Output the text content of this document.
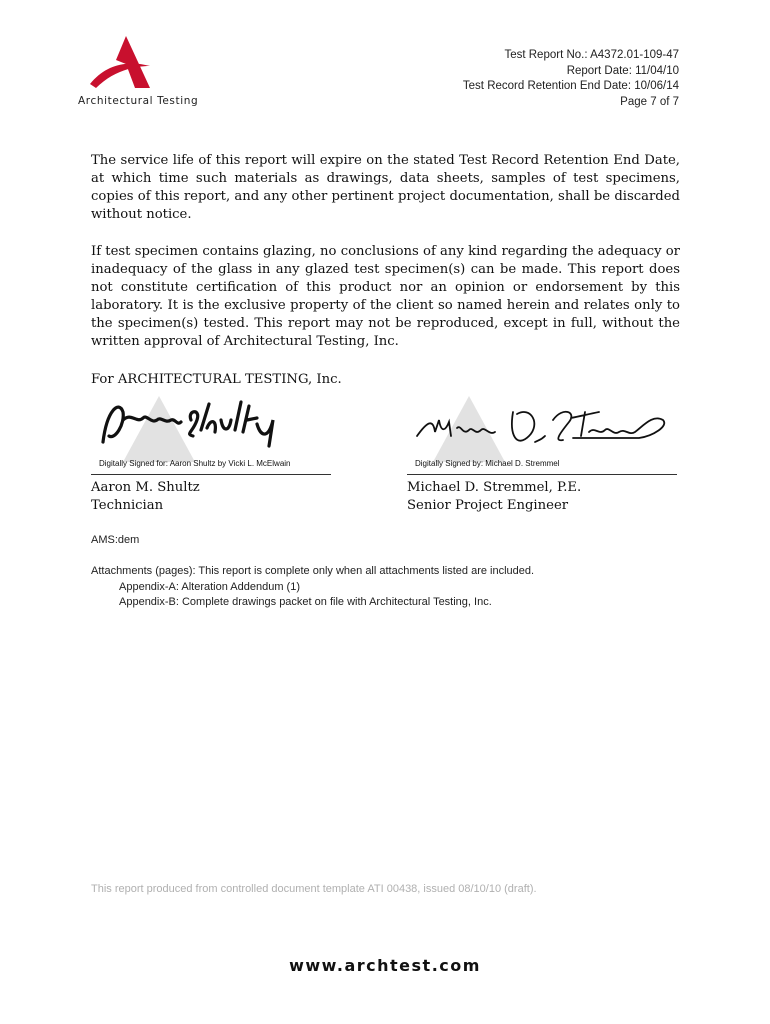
Architectural Testing
Test Report No.: A4372.01-109-47
Report Date: 11/04/10
Test Record Retention End Date: 10/06/14
Page 7 of 7
The service life of this report will expire on the stated Test Record Retention End Date, at which time such materials as drawings, data sheets, samples of test specimens, copies of this report, and any other pertinent project documentation, shall be discarded without notice.
If test specimen contains glazing, no conclusions of any kind regarding the adequacy or inadequacy of the glass in any glazed test specimen(s) can be made. This report does not constitute certification of this product nor an opinion or endorsement by this laboratory. It is the exclusive property of the client so named herein and relates only to the specimen(s) tested. This report may not be reproduced, except in full, without the written approval of Architectural Testing, Inc.
For ARCHITECTURAL TESTING, Inc.
Digitally Signed for: Aaron Shultz by Vicki L. McElwain
Aaron M. Shultz
Technician
Digitally Signed by: Michael D. Stremmel
Michael D. Stremmel, P.E.
Senior Project Engineer
AMS:dem
Attachments (pages): This report is complete only when all attachments listed are included.
Appendix-A: Alteration Addendum (1)
Appendix-B: Complete drawings packet on file with Architectural Testing, Inc.
This report produced from controlled document template ATI 00438, issued 08/10/10 (draft).
www.archtest.com
